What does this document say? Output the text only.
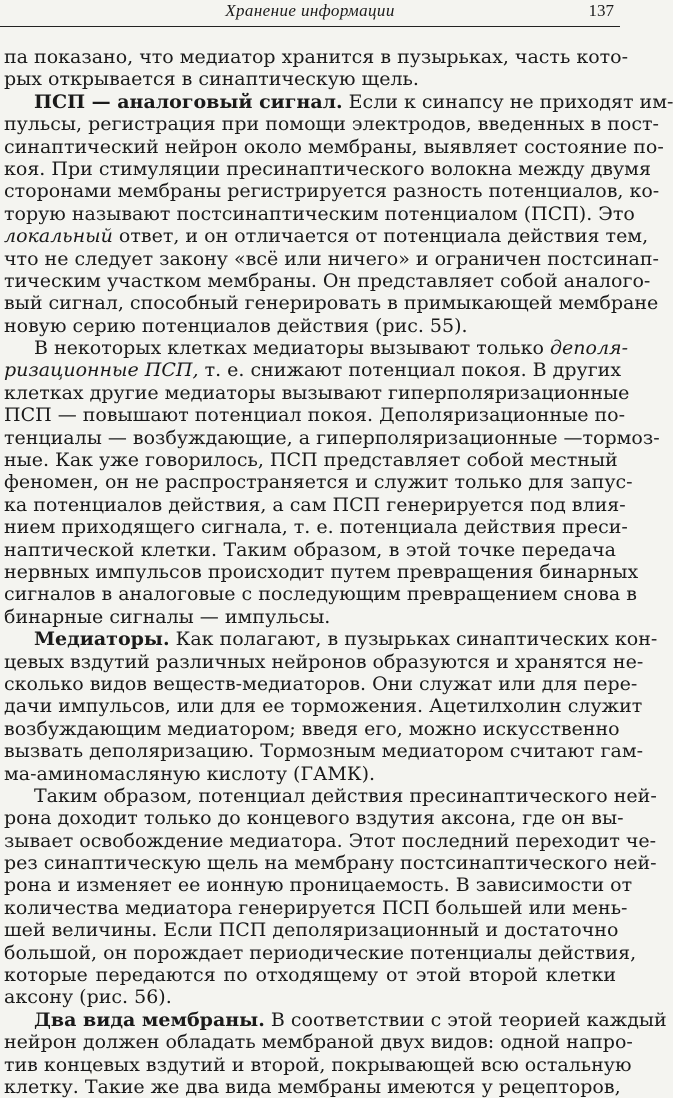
Хранение информации	137
па показано, что медиатор хранится в пузырьках, часть кото-
рых открывается в синаптическую щель.
ПСП — аналоговый сигнал. Если к синапсу не приходят им-
пульсы, регистрация при помощи электродов, введенных в пост-
синаптический нейрон около мембраны, выявляет состояние по-
коя. При стимуляции пресинаптического волокна между двумя
сторонами мембраны регистрируется разность потенциалов, ко-
торую называют постсинаптическим потенциалом (ПСП). Это
локальный ответ, и он отличается от потенциала действия тем,
что не следует закону «всё или ничего» и ограничен постсинап-
тическим участком мембраны. Он представляет собой аналого-
вый сигнал, способный генерировать в примыкающей мембране
новую серию потенциалов действия (рис. 55).
В некоторых клетках медиаторы вызывают только деполя-
ризационные ПСП, т. е. снижают потенциал покоя. В других
клетках другие медиаторы вызывают гиперполяризационные
ПСП — повышают потенциал покоя. Деполяризационные по-
тенциалы — возбуждающие, а гиперполяризационные —тормоз-
ные. Как уже говорилось, ПСП представляет собой местный
феномен, он не распространяется и служит только для запус-
ка потенциалов действия, а сам ПСП генерируется под влия-
нием приходящего сигнала, т. е. потенциала действия преси-
наптической клетки. Таким образом, в этой точке передача
нервных импульсов происходит путем превращения бинарных
сигналов в аналоговые с последующим превращением снова в
бинарные сигналы — импульсы.
Медиаторы. Как полагают, в пузырьках синаптических кон-
цевых вздутий различных нейронов образуются и хранятся не-
сколько видов веществ-медиаторов. Они служат или для пере-
дачи импульсов, или для ее торможения. Ацетилхолин служит
возбуждающим медиатором; введя его, можно искусственно
вызвать деполяризацию. Тормозным медиатором считают гам-
ма-аминомасляную кислоту (ГАМК).
Таким образом, потенциал действия пресинаптического ней-
рона доходит только до концевого вздутия аксона, где он вы-
зывает освобождение медиатора. Этот последний переходит че-
рез синаптическую щель на мембрану постсинаптического ней-
рона и изменяет ее ионную проницаемость. В зависимости от
количества медиатора генерируется ПСП большей или мень-
шей величины. Если ПСП деполяризационный и достаточно
большой, он порождает периодические потенциалы действия,
которые передаются по отходящему от этой второй клетки
аксону (рис. 56).
Два вида мембраны. В соответствии с этой теорией каждый
нейрон должен обладать мембраной двух видов: одной напро-
тив концевых вздутий и второй, покрывающей всю остальную
клетку. Такие же два вида мембраны имеются у рецепторов,
